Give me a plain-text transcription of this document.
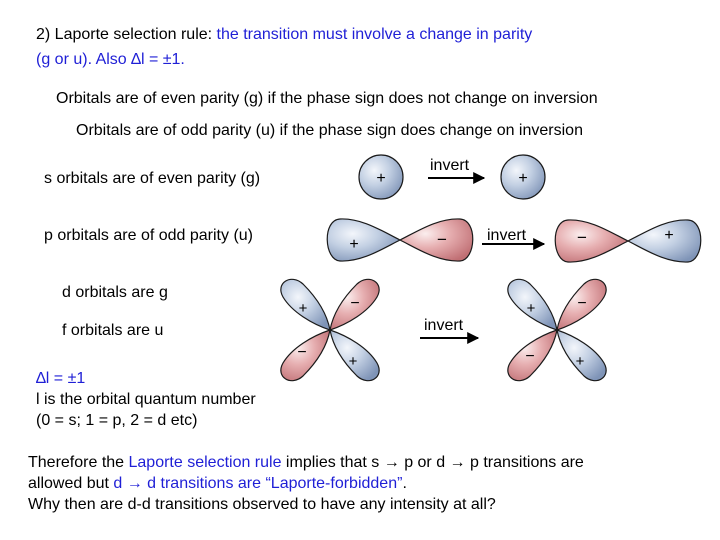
2) Laporte selection rule: the transition must involve a change in parity
(g or u). Also ∆l = ±1.
Orbitals are of even parity (g) if the phase sign does not change on inversion
Orbitals are of odd parity (u) if the phase sign does change on inversion
s orbitals are of even parity (g)
p orbitals are of odd parity (u)
d orbitals are g
f orbitals are u
∆l = ±1
l is the orbital quantum number
(0 = s; 1 = p, 2 = d etc)
Therefore the Laporte selection rule implies that s → p or d → p transitions are
allowed but d → d transitions are “Laporte-forbidden”.
Why then are d-d transitions observed to have any intensity at all?
+
invert
+
+	−	invert	−	+
+	−
−
+
invert
+	−
−	+
